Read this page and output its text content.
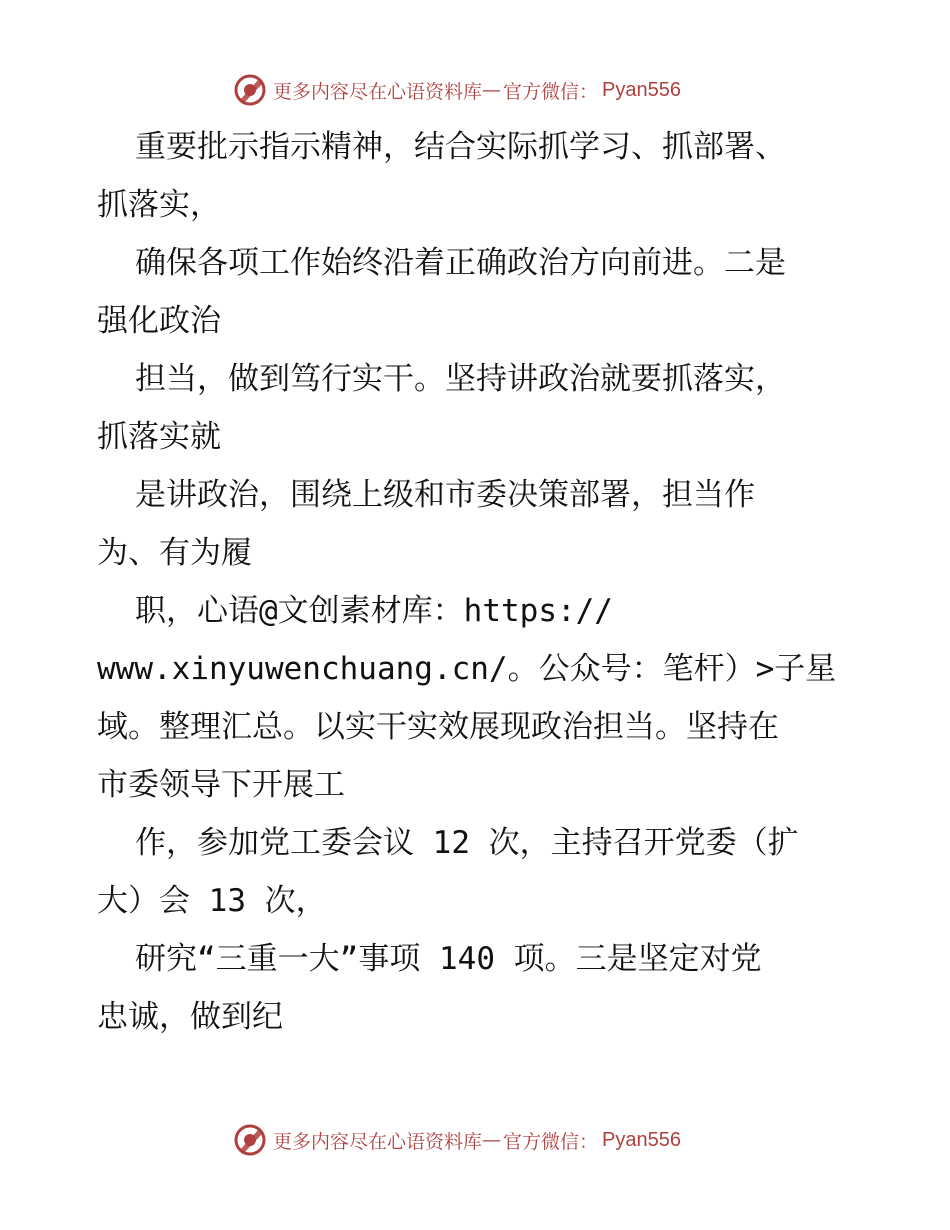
更多内容尽在心语资料库 — 官方微信： Pyan556
重要批示指示精神，结合实际抓学习、抓部署、
抓落实，
确保各项工作始终沿着正确政治方向前进。二是
强化政治
担当，做到笃行实干。坚持讲政治就要抓落实，
抓落实就
是讲政治，围绕上级和市委决策部署，担当作
为、有为履
职，心语@文创素材库：https://
www.xinyuwenchuang.cn/。公众号：笔杆）>子星
域。整理汇总。以实干实效展现政治担当。坚持在
市委领导下开展工
作，参加党工委会议 12 次，主持召开党委（扩
大）会 13 次，
研究“三重一大”事项 140 项。三是坚定对党
忠诚，做到纪
更多内容尽在心语资料库 — 官方微信： Pyan556
